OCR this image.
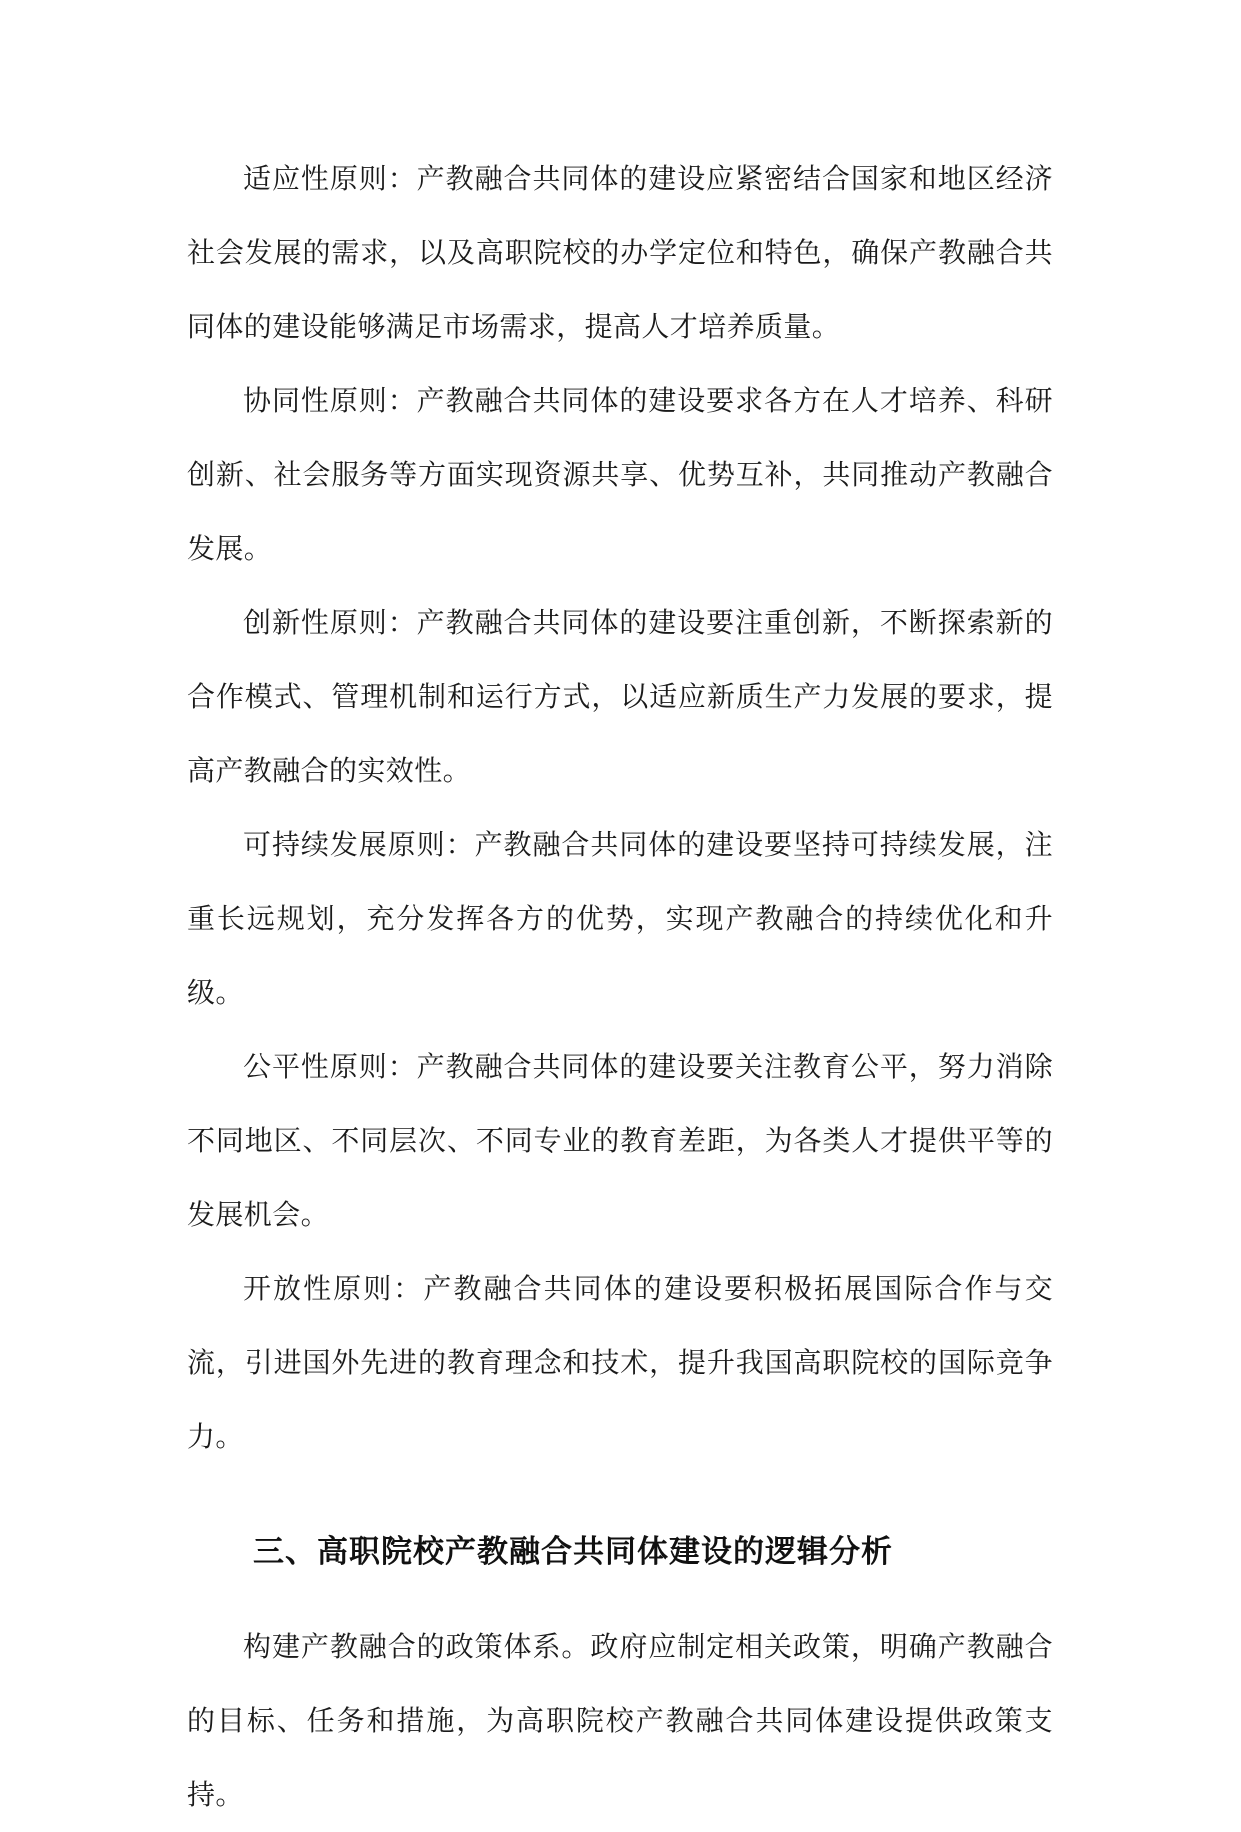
适应性原则：产教融合共同体的建设应紧密结合国家和地区经济社会发展的需求，以及高职院校的办学定位和特色，确保产教融合共同体的建设能够满足市场需求，提高人才培养质量。

协同性原则：产教融合共同体的建设要求各方在人才培养、科研创新、社会服务等方面实现资源共享、优势互补，共同推动产教融合发展。

创新性原则：产教融合共同体的建设要注重创新，不断探索新的合作模式、管理机制和运行方式，以适应新质生产力发展的要求，提高产教融合的实效性。

可持续发展原则：产教融合共同体的建设要坚持可持续发展，注重长远规划，充分发挥各方的优势，实现产教融合的持续优化和升级。

公平性原则：产教融合共同体的建设要关注教育公平，努力消除不同地区、不同层次、不同专业的教育差距，为各类人才提供平等的发展机会。

开放性原则：产教融合共同体的建设要积极拓展国际合作与交流，引进国外先进的教育理念和技术，提升我国高职院校的国际竞争力。

三、高职院校产教融合共同体建设的逻辑分析

构建产教融合的政策体系。政府应制定相关政策，明确产教融合的目标、任务和措施，为高职院校产教融合共同体建设提供政策支持。
